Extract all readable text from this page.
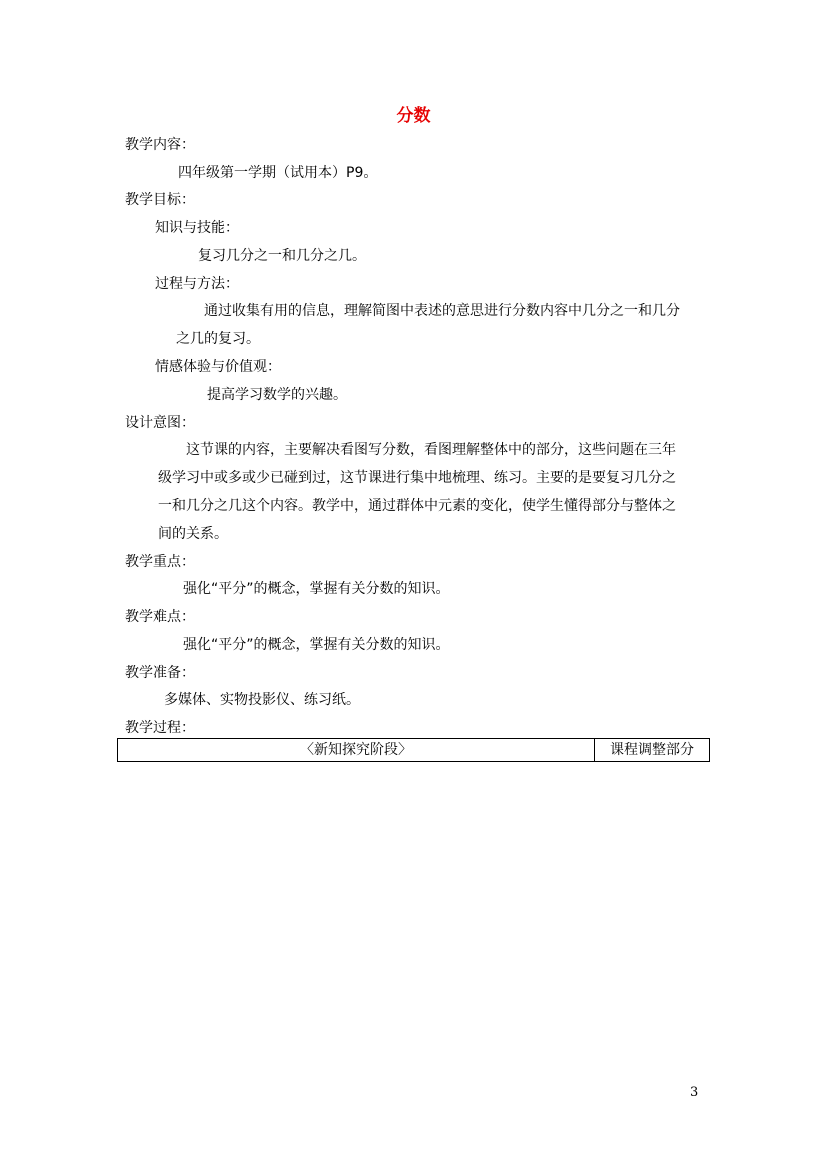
分数
教学内容：
四年级第一学期（试用本）P9。
教学目标：
知识与技能：
复习几分之一和几分之几。
过程与方法：
通过收集有用的信息，理解简图中表述的意思进行分数内容中几分之一和几分
之几的复习。
情感体验与价值观：
提高学习数学的兴趣。
设计意图：
这节课的内容，主要解决看图写分数，看图理解整体中的部分，这些问题在三年
级学习中或多或少已碰到过，这节课进行集中地梳理、练习。主要的是要复习几分之
一和几分之几这个内容。教学中，通过群体中元素的变化，使学生懂得部分与整体之
间的关系。
教学重点：
强化“平分”的概念，掌握有关分数的知识。
教学难点：
强化“平分”的概念，掌握有关分数的知识。
教学准备：
多媒体、实物投影仪、练习纸。
教学过程：
〈新知探究阶段〉	课程调整部分
3
